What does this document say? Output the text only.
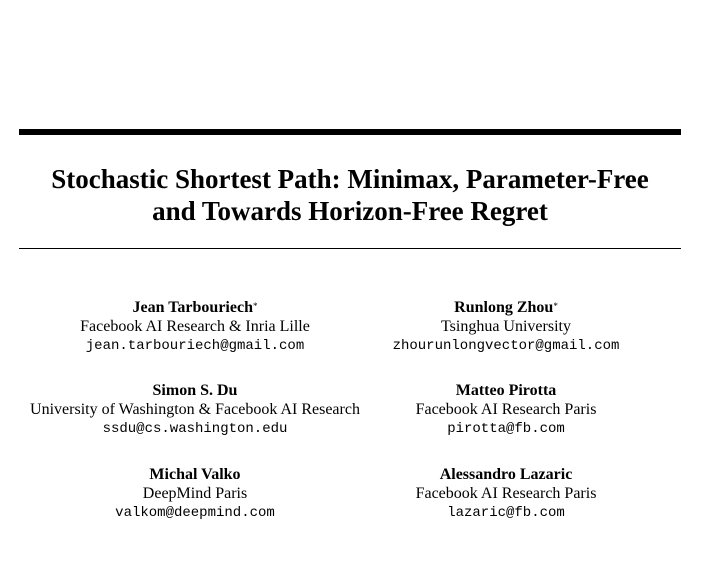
Stochastic Shortest Path: Minimax, Parameter-Free
and Towards Horizon-Free Regret
Jean Tarbouriech*
Facebook AI Research & Inria Lille
jean.tarbouriech@gmail.com
Runlong Zhou*
Tsinghua University
zhourunlongvector@gmail.com
Simon S. Du
University of Washington & Facebook AI Research
ssdu@cs.washington.edu
Matteo Pirotta
Facebook AI Research Paris
pirotta@fb.com
Michal Valko
DeepMind Paris
valkom@deepmind.com
Alessandro Lazaric
Facebook AI Research Paris
lazaric@fb.com
